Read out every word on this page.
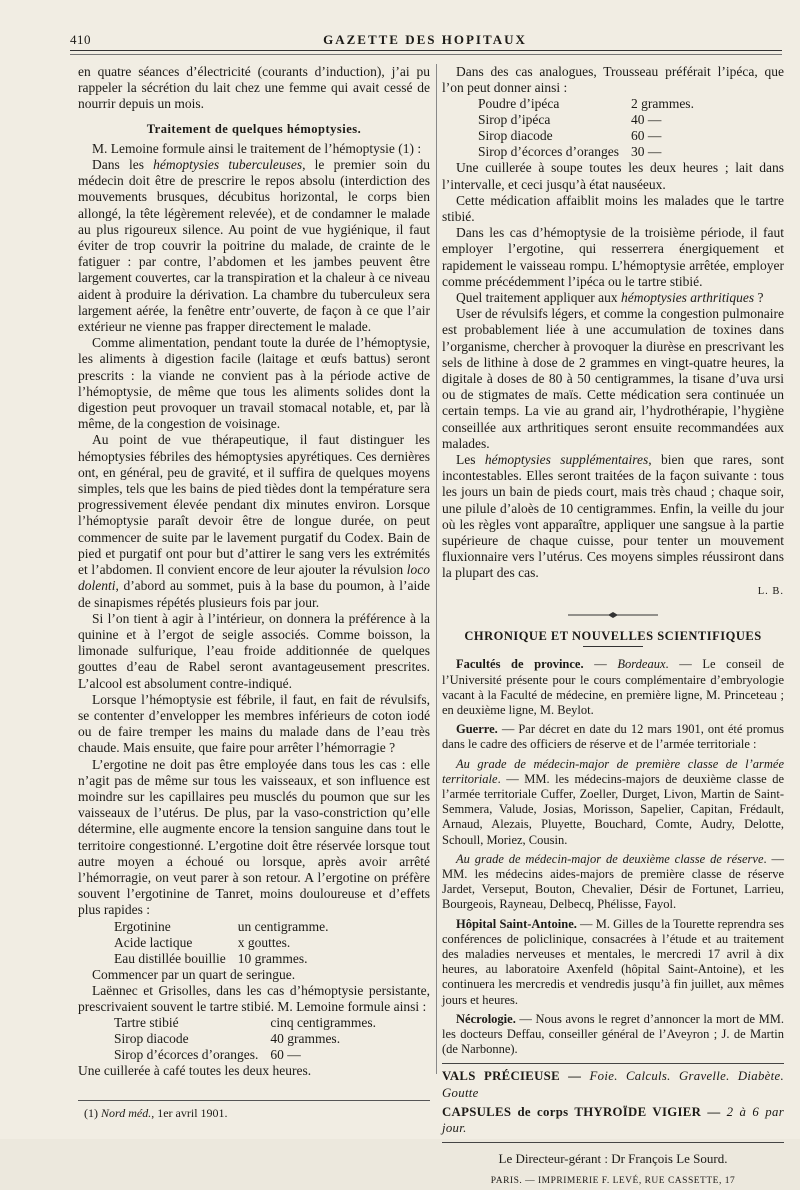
410	GAZETTE DES HOPITAUX

en quatre séances d’électricité (courants d’induction), j’ai pu rappeler la sécrétion du lait chez une femme qui avait cessé de nourrir depuis un mois.

Traitement de quelques hémoptysies.

M. Lemoine formule ainsi le traitement de l’hémoptysie (1) :

Dans les hémoptysies tuberculeuses, le premier soin du médecin doit être de prescrire le repos absolu (interdiction des mouvements brusques, décubitus horizontal, le corps bien allongé, la tête légèrement relevée), et de condamner le malade au plus rigoureux silence. Au point de vue hygiénique, il faut éviter de trop couvrir la poitrine du malade, de crainte de le fatiguer : par contre, l’abdomen et les jambes peuvent être largement couvertes, car la transpiration et la chaleur à ce niveau aident à produire la dérivation. La chambre du tuberculeux sera largement aérée, la fenêtre entr’ouverte, de façon à ce que l’air extérieur ne vienne pas frapper directement le malade.

Comme alimentation, pendant toute la durée de l’hémoptysie, les aliments à digestion facile (laitage et œufs battus) seront prescrits : la viande ne convient pas à la période active de l’hémoptysie, de même que tous les aliments solides dont la digestion peut provoquer un travail stomacal notable, et, par là même, de la congestion de voisinage.

Au point de vue thérapeutique, il faut distinguer les hémoptysies fébriles des hémoptysies apyrétiques. Ces dernières ont, en général, peu de gravité, et il suffira de quelques moyens simples, tels que les bains de pied tièdes dont la température sera progressivement élevée pendant dix minutes environ. Lorsque l’hémoptysie paraît devoir être de longue durée, on peut commencer de suite par le lavement purgatif du Codex. Bain de pied et purgatif ont pour but d’attirer le sang vers les extrémités et l’abdomen. Il convient encore de leur ajouter la révulsion loco dolenti, d’abord au sommet, puis à la base du poumon, à l’aide de sinapismes répétés plusieurs fois par jour.

Si l’on tient à agir à l’intérieur, on donnera la préférence à la quinine et à l’ergot de seigle associés. Comme boisson, la limonade sulfurique, l’eau froide additionnée de quelques gouttes d’eau de Rabel seront avantageusement prescrites. L’alcool est absolument contre-indiqué.

Lorsque l’hémoptysie est fébrile, il faut, en fait de révulsifs, se contenter d’envelopper les membres inférieurs de coton iodé ou de faire tremper les mains du malade dans de l’eau très chaude. Mais ensuite, que faire pour arrêter l’hémorragie ?

L’ergotine ne doit pas être employée dans tous les cas : elle n’agit pas de même sur tous les vaisseaux, et son influence est moindre sur les capillaires peu musclés du poumon que sur les vaisseaux de l’utérus. De plus, par la vaso-constriction qu’elle détermine, elle augmente encore la tension sanguine dans tout le territoire congestionné. L’ergotine doit être réservée lorsque tout autre moyen a échoué ou lorsque, après avoir arrêté l’hémorragie, on veut parer à son retour. A l’ergotine on préfère souvent l’ergotinine de Tanret, moins douloureuse et d’effets plus rapides :

Ergotinine	un centigramme.
Acide lactique	x gouttes.
Eau distillée bouillie	10 grammes.

Commencer par un quart de seringue.

Laënnec et Grisolles, dans les cas d’hémoptysie persistante, prescrivaient souvent le tartre stibié. M. Lemoine formule ainsi :

Tartre stibié	cinq centigrammes.
Sirop diacode	40 grammes.
Sirop d’écorces d’oranges.	60 —

Une cuillerée à café toutes les deux heures.

(1) Nord méd., 1er avril 1901.

Dans des cas analogues, Trousseau préférait l’ipéca, que l’on peut donner ainsi :

Poudre d’ipéca	2 grammes.
Sirop d’ipéca	40 —
Sirop diacode	60 —
Sirop d’écorces d’oranges	30 —

Une cuillerée à soupe toutes les deux heures ; lait dans l’intervalle, et ceci jusqu’à état nauséeux.

Cette médication affaiblit moins les malades que le tartre stibié.

Dans les cas d’hémoptysie de la troisième période, il faut employer l’ergotine, qui resserrera énergiquement et rapidement le vaisseau rompu. L’hémoptysie arrêtée, employer comme précédemment l’ipéca ou le tartre stibié.

Quel traitement appliquer aux hémoptysies arthritiques ?

User de révulsifs légers, et comme la congestion pulmonaire est probablement liée à une accumulation de toxines dans l’organisme, chercher à provoquer la diurèse en prescrivant les sels de lithine à dose de 2 grammes en vingt-quatre heures, la digitale à doses de 80 à 50 centigrammes, la tisane d’uva ursi ou de stigmates de maïs. Cette médication sera continuée un certain temps. La vie au grand air, l’hydrothérapie, l’hygiène conseillée aux arthritiques seront ensuite recommandées aux malades.

Les hémoptysies supplémentaires, bien que rares, sont incontestables. Elles seront traitées de la façon suivante : tous les jours un bain de pieds court, mais très chaud ; chaque soir, une pilule d’aloès de 10 centigrammes. Enfin, la veille du jour où les règles vont apparaître, appliquer une sangsue à la partie supérieure de chaque cuisse, pour tenter un mouvement fluxionnaire vers l’utérus. Ces moyens simples réussiront dans la plupart des cas.

L. B.
CHRONIQUE ET NOUVELLES SCIENTIFIQUES

Facultés de province. — Bordeaux. — Le conseil de l’Université présente pour le cours complémentaire d’embryologie vacant à la Faculté de médecine, en première ligne, M. Princeteau ; en deuxième ligne, M. Beylot.

Guerre. — Par décret en date du 12 mars 1901, ont été promus dans le cadre des officiers de réserve et de l’armée territoriale :

Au grade de médecin-major de première classe de l’armée territoriale. — MM. les médecins-majors de deuxième classe de l’armée territoriale Cuffer, Zoeller, Durget, Livon, Martin de Saint-Semmera, Valude, Josias, Morisson, Sapelier, Capitan, Frédault, Arnaud, Alezais, Pluyette, Bouchard, Comte, Audry, Delotte, Schoull, Moriez, Cousin.

Au grade de médecin-major de deuxième classe de réserve. — MM. les médecins aides-majors de première classe de réserve Jardet, Verseput, Bouton, Chevalier, Désir de Fortunet, Larrieu, Bourgeois, Rayneau, Delbecq, Phélisse, Fayol.

Hôpital Saint-Antoine. — M. Gilles de la Tourette reprendra ses conférences de policlinique, consacrées à l’étude et au traitement des maladies nerveuses et mentales, le mercredi 17 avril à dix heures, au laboratoire Axenfeld (hôpital Saint-Antoine), et les continuera les mercredis et vendredis jusqu’à fin juillet, aux mêmes jours et heures.

Nécrologie. — Nous avons le regret d’annoncer la mort de MM. les docteurs Deffau, conseiller général de l’Aveyron ; J. de Martin (de Narbonne).

VALS PRÉCIEUSE — Foie. Calculs. Gravelle. Diabète. Goutte
CAPSULES de corps THYROÏDE VIGIER — 2 à 6 par jour.
Le Directeur-gérant : Dr François Le Sourd.
PARIS. — IMPRIMERIE F. LEVÉ, RUE CASSETTE, 17
